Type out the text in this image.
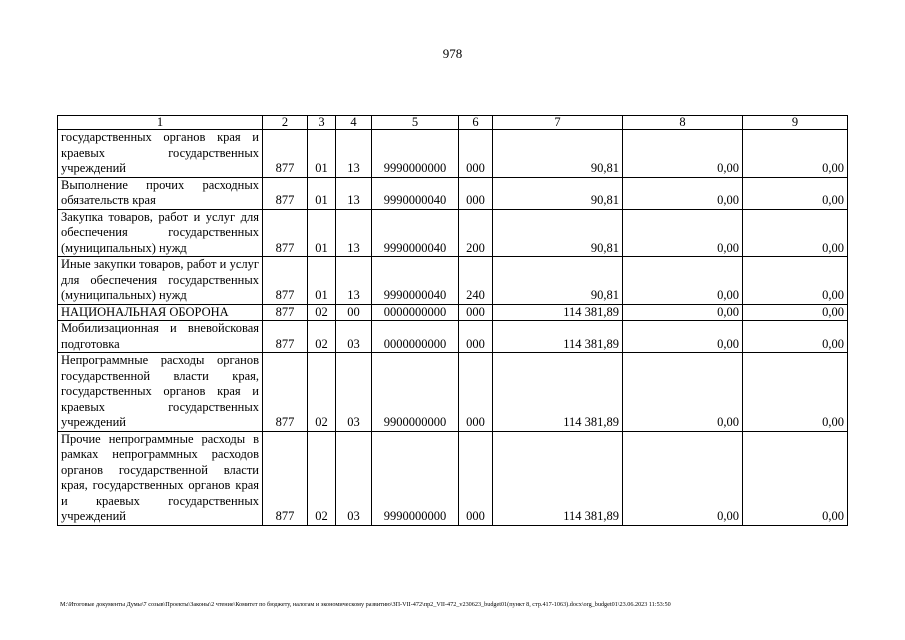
978
1	2	3	4	5	6	7	8	9
государственных органов края и краевых государственных учреждений	877	01	13	9990000000	000	90,81	0,00	0,00
Выполнение прочих расходных обязательств края	877	01	13	9990000040	000	90,81	0,00	0,00
Закупка товаров, работ и услуг для обеспечения государственных (муниципальных) нужд	877	01	13	9990000040	200	90,81	0,00	0,00
Иные закупки товаров, работ и услуг для обеспечения государственных (муниципальных) нужд	877	01	13	9990000040	240	90,81	0,00	0,00
НАЦИОНАЛЬНАЯ ОБОРОНА	877	02	00	0000000000	000	114 381,89	0,00	0,00
Мобилизационная и вневойсковая подготовка	877	02	03	0000000000	000	114 381,89	0,00	0,00
Непрограммные расходы органов государственной власти края, государственных органов края и краевых государственных учреждений	877	02	03	9900000000	000	114 381,89	0,00	0,00
Прочие непрограммные расходы в рамках непрограммных расходов органов государственной власти края, государственных органов края и краевых государственных учреждений	877	02	03	9990000000	000	114 381,89	0,00	0,00
M:\Итоговые документы Думы\7 созыв\Проекты\Законы\2 чтение\Комитет по бюджету, налогам и экономическому развитию\ЗП-VII-472\пр2_VII-472_v230623_budget01(пункт 8, стр.417-1063).docx\org_budget01\23.06.2023 11:53:50
